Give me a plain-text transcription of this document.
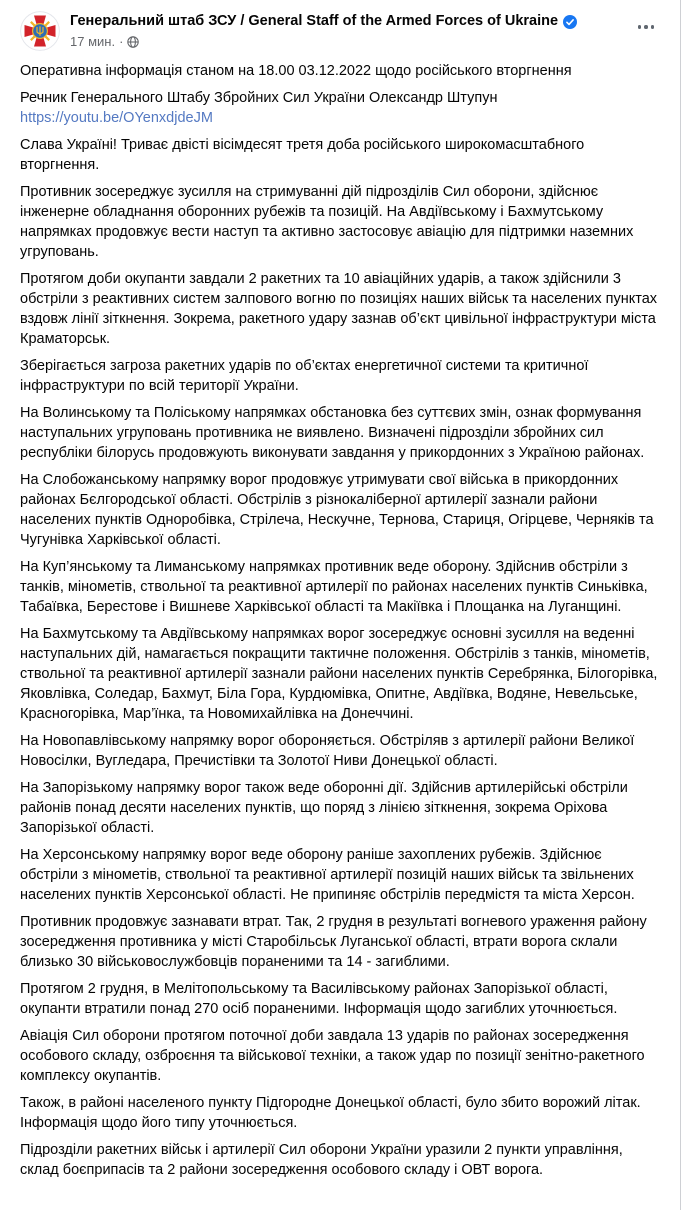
Генеральний штаб ЗСУ / General Staff of the Armed Forces of Ukraine
17 мин. ·

Оперативна інформація станом на 18.00 03.12.2022 щодо російського вторгнення

Речник Генерального Штабу Збройних Сил України Олександр Штупун
https://youtu.be/OYenxdjdeJM

Слава Україні! Триває двісті вісімдесят третя доба російського широкомасштабного вторгнення.

Противник зосереджує зусилля на стримуванні дій підрозділів Сил оборони, здійснює інженерне обладнання оборонних рубежів та позицій. На Авдіївському і Бахмутському напрямках продовжує вести наступ та активно застосовує авіацію для підтримки наземних угруповань.

Протягом доби окупанти завдали 2 ракетних та 10 авіаційних ударів, а також здійснили 3 обстріли з реактивних систем залпового вогню по позиціях наших військ та населених пунктах вздовж лінії зіткнення. Зокрема, ракетного удару зазнав об’єкт цивільної інфраструктури міста Краматорськ.

Зберігається загроза ракетних ударів по об’єктах енергетичної системи та критичної інфраструктури по всій території України.

На Волинському та Поліському напрямках обстановка без суттєвих змін, ознак формування наступальних угруповань противника не виявлено. Визначені підрозділи збройних сил республіки білорусь продовжують виконувати завдання у прикордонних з Україною районах.

На Слобожанському напрямку ворог продовжує утримувати свої війська в прикордонних районах Бєлгородської області. Обстрілів з різнокаліберної артилерії зазнали райони населених пунктів Одноробівка, Стрілеча, Нескучне, Тернова, Стариця, Огірцеве, Черняків та Чугунівка Харківської області.

На Куп’янському та Лиманському напрямках противник веде оборону. Здійснив обстріли з танків, мінометів, ствольної та реактивної артилерії по районах населених пунктів Синьківка, Табаївка, Берестове і Вишневе Харківської області та Макіївка і Площанка на Луганщині.

На Бахмутському та Авдіївському напрямках ворог зосереджує основні зусилля на веденні наступальних дій, намагається покращити тактичне положення. Обстрілів з танків, мінометів, ствольної та реактивної артилерії зазнали райони населених пунктів Серебрянка, Білогорівка, Яковлівка, Соледар, Бахмут, Біла Гора, Курдюмівка, Опитне, Авдіївка, Водяне, Невельське, Красногорівка, Мар’їнка, та Новомихайлівка на Донеччині.

На Новопавлівському напрямку ворог обороняється. Обстріляв з артилерії райони Великої Новосілки, Вугледара, Пречистівки та Золотої Ниви Донецької області.

На Запорізькому напрямку ворог також веде оборонні дії. Здійснив артилерійські обстріли районів понад десяти населених пунктів, що поряд з лінією зіткнення, зокрема Оріхова Запорізької області.

На Херсонському напрямку ворог веде оборону раніше захоплених рубежів. Здійснює обстріли з мінометів, ствольної та реактивної артилерії позицій наших військ та звільнених населених пунктів Херсонської області. Не припиняє обстрілів передмістя та міста Херсон.

Противник продовжує зазнавати втрат. Так, 2 грудня в результаті вогневого ураження району зосередження противника у місті Старобільськ Луганської області, втрати ворога склали близько 30 військовослужбовців пораненими та 14 - загиблими.

Протягом 2 грудня, в Мелітопольському та Василівському районах Запорізької області, окупанти втратили понад 270 осіб пораненими. Інформація щодо загиблих уточнюється.

Авіація Сил оборони протягом поточної доби завдала 13 ударів по районах зосередження особового складу, озброєння та військової техніки, а також удар по позиції зенітно-ракетного комплексу окупантів.

Також, в районі населеного пункту Підгородне Донецької області, було збито ворожий літак. Інформація щодо його типу уточнюється.

Підрозділи ракетних військ і артилерії Сил оборони України уразили 2 пункти управління, склад боєприпасів та 2 райони зосередження особового складу і ОВТ ворога.
